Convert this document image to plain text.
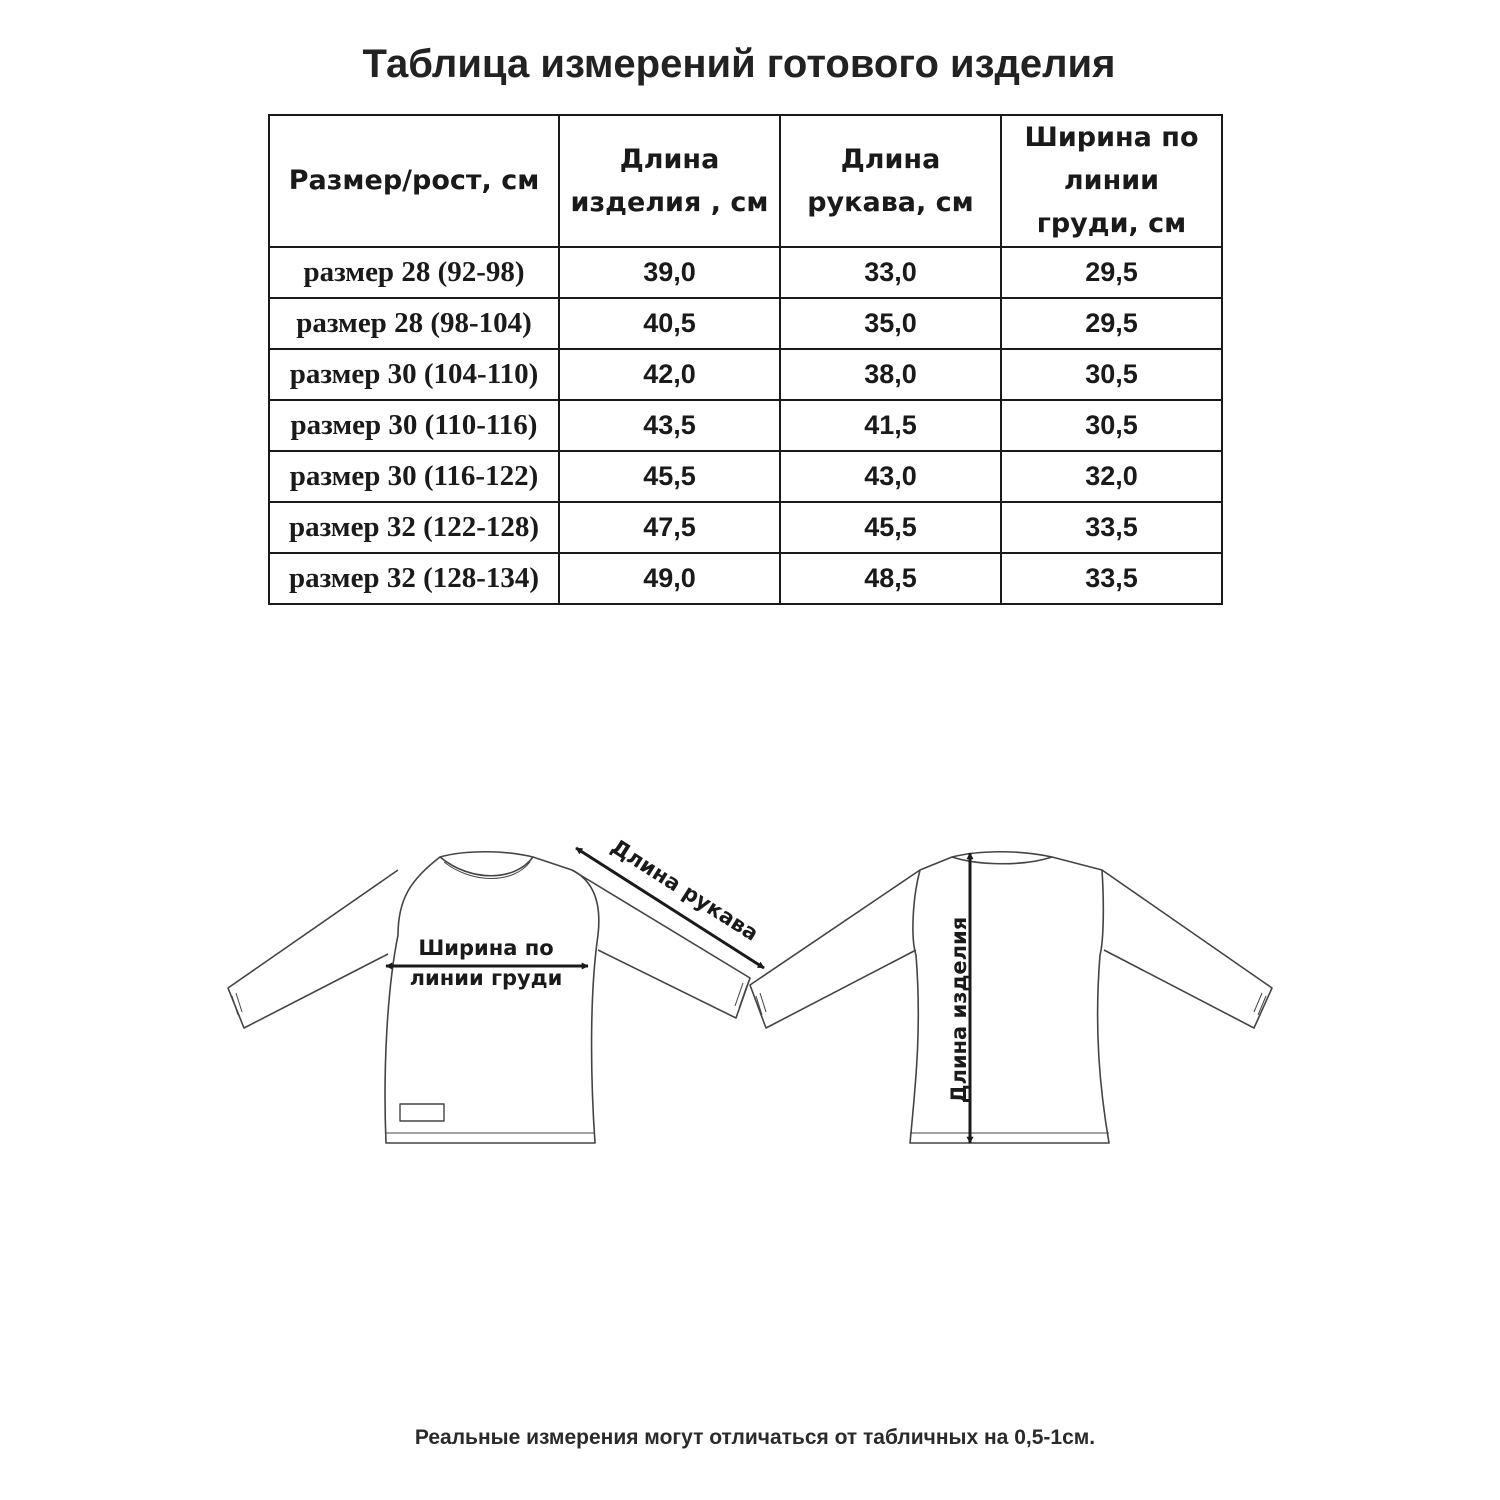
Таблица измерений готового изделия
Размер/рост, см	Длина изделия , см	Длина рукава, см	Ширина по линии груди, см
размер 28 (92-98)	39,0	33,0	29,5
размер 28 (98-104)	40,5	35,0	29,5
размер 30 (104-110)	42,0	38,0	30,5
размер 30 (110-116)	43,5	41,5	30,5
размер 30 (116-122)	45,5	43,0	32,0
размер 32 (122-128)	47,5	45,5	33,5
размер 32 (128-134)	49,0	48,5	33,5
Ширина по
линии груди
Длина рукава
Длина изделия
Реальные измерения могут отличаться от табличных на 0,5-1см.
